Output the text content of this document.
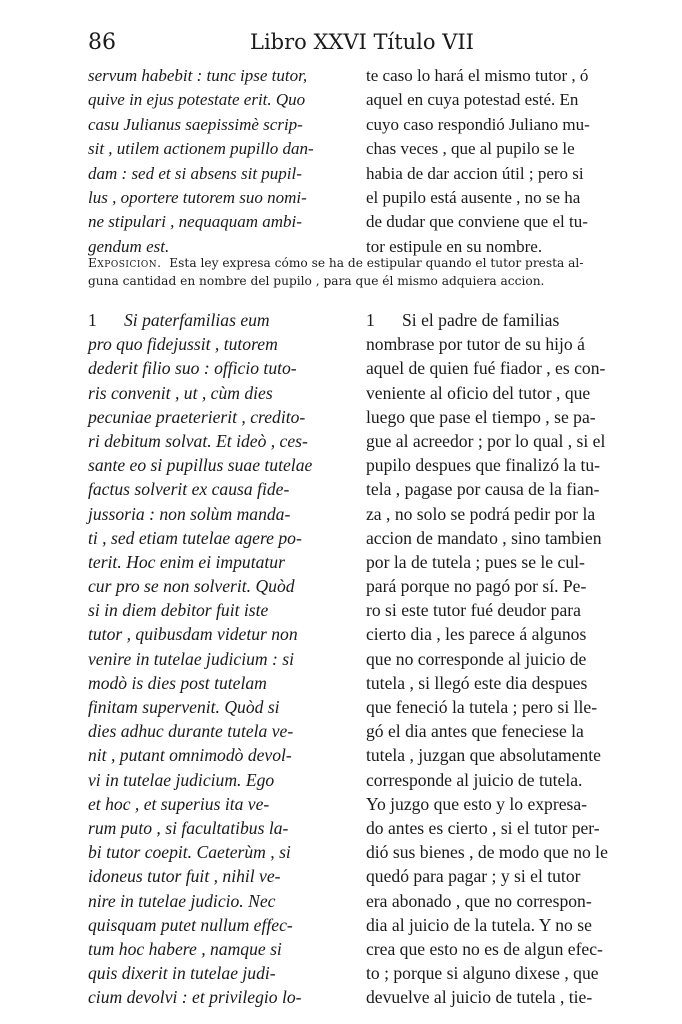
86	Libro XXVI Título VII
servum habebit : tunc ipse tutor,
quive in ejus potestate erit. Quo
casu Julianus saepissimè scrip-
sit , utilem actionem pupillo dan-
dam : sed et si absens sit pupil-
lus , oportere tutorem suo nomi-
ne stipulari , nequaquam ambi-
gendum est.
te caso lo hará el mismo tutor , ó
aquel en cuya potestad esté. En
cuyo caso respondió Juliano mu-
chas veces , que al pupilo se le
habia de dar accion útil ; pero si
el pupilo está ausente , no se ha
de dudar que conviene que el tu-
tor estipule en su nombre.
Exposicion. Esta ley expresa cómo se ha de estipular quando el tutor presta al-
guna cantidad en nombre del pupilo , para que él mismo adquiera accion.
1 Si paterfamilias eum
pro quo fidejussit , tutorem
dederit filio suo : officio tuto-
ris convenit , ut , cùm dies
pecuniae praeterierit , credito-
ri debitum solvat. Et ideò , ces-
sante eo si pupillus suae tutelae
factus solverit ex causa fide-
jussoria : non solùm manda-
ti , sed etiam tutelae agere po-
terit. Hoc enim ei imputatur
cur pro se non solverit. Quòd
si in diem debitor fuit iste
tutor , quibusdam videtur non
venire in tutelae judicium : si
modò is dies post tutelam
finitam supervenit. Quòd si
dies adhuc durante tutela ve-
nit , putant omnimodò devol-
vi in tutelae judicium. Ego
et hoc , et superius ita ve-
rum puto , si facultatibus la-
bi tutor coepit. Caeterùm , si
idoneus tutor fuit , nihil ve-
nire in tutelae judicio. Nec
quisquam putet nullum effec-
tum hoc habere , namque si
quis dixerit in tutelae judi-
cium devolvi : et privilegio lo-
1 Si el padre de familias
nombrase por tutor de su hijo á
aquel de quien fué fiador , es con-
veniente al oficio del tutor , que
luego que pase el tiempo , se pa-
gue al acreedor ; por lo qual , si el
pupilo despues que finalizó la tu-
tela , pagase por causa de la fian-
za , no solo se podrá pedir por la
accion de mandato , sino tambien
por la de tutela ; pues se le cul-
pará porque no pagó por sí. Pe-
ro si este tutor fué deudor para
cierto dia , les parece á algunos
que no corresponde al juicio de
tutela , si llegó este dia despues
que feneció la tutela ; pero si lle-
gó el dia antes que feneciese la
tutela , juzgan que absolutamente
corresponde al juicio de tutela.
Yo juzgo que esto y lo expresa-
do antes es cierto , si el tutor per-
dió sus bienes , de modo que no le
quedó para pagar ; y si el tutor
era abonado , que no correspon-
dia al juicio de la tutela. Y no se
crea que esto no es de algun efec-
to ; porque si alguno dixese , que
devuelve al juicio de tutela , tie-
